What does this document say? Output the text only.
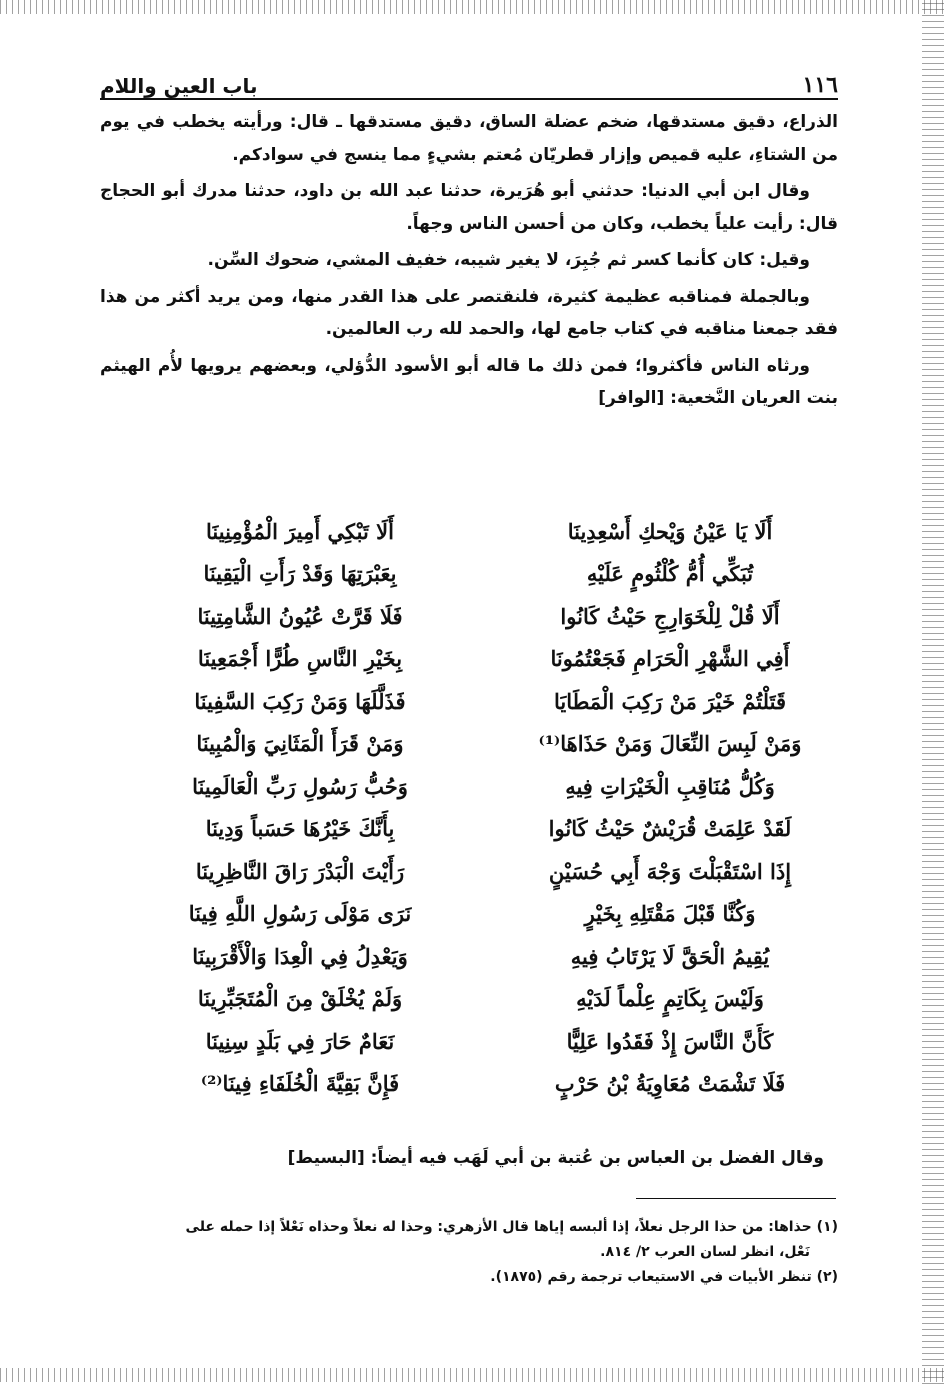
١١٦
باب العين واللام

الذراع، دقيق مستدقها، ضخم عضلة الساق، دقيق مستدقها ـ قال: ورأيته يخطب في يوم من الشتاءِ، عليه قميص وإزار قطريّان مُعتم بشيءٍ مما ينسج في سوادكم.

وقال ابن أبي الدنيا: حدثني أبو هُرَيرة، حدثنا عبد الله بن داود، حدثنا مدرك أبو الحجاج قال: رأيت علياً يخطب، وكان من أحسن الناس وجهاً.

وقيل: كان كأنما كسر ثم جُبِرَ، لا يغير شيبه، خفيف المشي، ضحوك السِّن.

وبالجملة فمناقبه عظيمة كثيرة، فلنقتصر على هذا القدر منها، ومن يريد أكثر من هذا فقد جمعنا مناقبه في كتاب جامع لها، والحمد لله رب العالمين.

ورثاه الناس فأكثروا؛ فمن ذلك ما قاله أبو الأسود الدُّؤلي، وبعضهم يرويها لأُم الهيثم بنت العريان النَّخعية: [الوافر]

أَلَا يَا عَيْنُ وَيْحكِ أَسْعِدِينَا
أَلَا تَبْكِي أَمِيرَ الْمُؤْمِنِينَا
تُبَكِّي أُمُّ كُلْثُومٍ عَلَيْهِ
بِعَبْرَتِهَا وَقَدْ رَأَتِ الْيَقِينَا
أَلَا قُلْ لِلْخَوَارِجِ حَيْثُ كَانُوا
فَلَا قَرَّتْ عُيُونُ الشَّامِتِينَا
أَفِي الشَّهْرِ الْحَرَامِ فَجَعْتُمُونَا
بِخَيْرِ النَّاسِ طُرًّا أَجْمَعِينَا
قَتَلْتُمْ خَيْرَ مَنْ رَكِبَ الْمَطَايَا
فَذَلَّلَهَا وَمَنْ رَكِبَ السَّفِينَا
وَمَنْ لَبِسَ النِّعَالَ وَمَنْ حَذَاهَا⁽¹⁾
وَمَنْ قَرَأَ الْمَثَانِيَ وَالْمُبِينَا
وَكُلُّ مُنَاقِبِ الْخَيْرَاتِ فِيهِ
وَحُبُّ رَسُولِ رَبِّ الْعَالَمِينَا
لَقَدْ عَلِمَتْ قُرَيْشٌ حَيْثُ كَانُوا
بِأَنَّكَ خَيْرُهَا حَسَباً وَدِينَا
إِذَا اسْتَقْبَلْتَ وَجْهَ أَبِي حُسَيْنٍ
رَأَيْتَ الْبَدْرَ رَاقَ النَّاظِرِينَا
وَكُنَّا قَبْلَ مَقْتَلِهِ بِخَيْرٍ
نَرَى مَوْلَى رَسُولِ اللَّهِ فِينَا
يُقِيمُ الْحَقَّ لَا يَرْتَابُ فِيهِ
وَيَعْدِلُ فِي الْعِدَا وَالْأَقْرَبِينَا
وَلَيْسَ بِكَاتِمٍ عِلْماً لَدَيْهِ
وَلَمْ يُخْلَقْ مِنَ الْمُتَجَبِّرِينَا
كَأَنَّ النَّاسَ إِذْ فَقَدُوا عَلِيًّا
نَعَامٌ حَارَ فِي بَلَدٍ سِنِينَا
فَلَا تَشْمَتْ مُعَاوِيَةُ بْنُ حَرْبٍ
فَإِنَّ بَقِيَّةَ الْخُلَفَاءِ فِينَا⁽²⁾
وقال الفضل بن العباس بن عُتبة بن أبي لَهَب فيه أيضاً: [البسيط]

(١) حذاها: من حذا الرجل نعلاً، إذا ألبسه إياها قال الأزهري: وحذا له نعلاً وحذاه نَعْلاً إذا حمله على

نَعْل، انظر لسان العرب ٢/ ٨١٤.

(٢) تنظر الأبيات في الاستيعاب ترجمة رقم (١٨٧٥).
